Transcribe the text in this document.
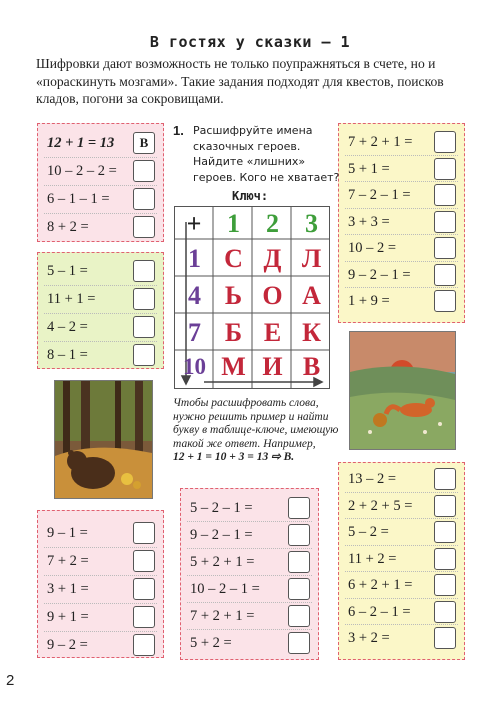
В гостях у сказки — 1
Шифровки дают возможность не только поупражняться в счете, но и «пораскинуть мозгами». Такие задания подходят для квестов, поисков кладов, погони за сокровищами.
12 + 1 = 13	В
10 – 2 – 2 =
6 – 1 – 1 =
8 + 2 =
5 – 1 =
11 + 1 =
4 – 2 =
8 – 1 =
7 + 2 + 1 =
5 + 1 =
7 – 2 – 1 =
3 + 3 =
10 – 2 =
9 – 2 – 1 =
1 + 9 =
9 – 1 =
7 + 2 =
3 + 1 =
9 + 1 =
9 – 2 =
5 – 2 – 1 =
9 – 2 – 1 =
5 + 2 + 1 =
10 – 2 – 1 =
7 + 2 + 1 =
5 + 2 =
13 – 2 =
2 + 2 + 5 =
5 – 2 =
11 + 2 =
6 + 2 + 1 =
6 – 2 – 1 =
3 + 2 =
1. Расшифруйте имена сказочных героев. Найдите «лишних» героев. Кого не хватает?
Ключ:
+ 1	2	3
1 С Д Л
4 Ь О А
7 Б Е К
10 М И В
Чтобы расшифровать слова, нужно решить пример и найти букву в таблице-ключе, имеющую такой же ответ. Например,
12 + 1 = 10 + 3 = 13 ⇨ В.
2
